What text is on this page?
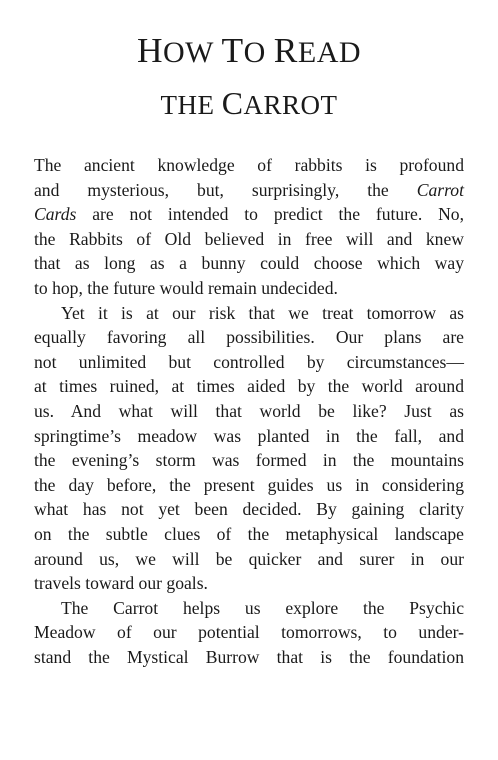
HOW TO READ
THE CARROT
The ancient knowledge of rabbits is profound
and mysterious, but, surprisingly, the Carrot
Cards are not intended to predict the future. No,
the Rabbits of Old believed in free will and knew
that as long as a bunny could choose which way
to hop, the future would remain undecided.
Yet it is at our risk that we treat tomorrow as
equally favoring all possibilities. Our plans are
not unlimited but controlled by circumstances—
at times ruined, at times aided by the world around
us. And what will that world be like? Just as
springtime’s meadow was planted in the fall, and
the evening’s storm was formed in the mountains
the day before, the present guides us in considering
what has not yet been decided. By gaining clarity
on the subtle clues of the metaphysical landscape
around us, we will be quicker and surer in our
travels toward our goals.
The Carrot helps us explore the Psychic
Meadow of our potential tomorrows, to under-
stand the Mystical Burrow that is the foundation
